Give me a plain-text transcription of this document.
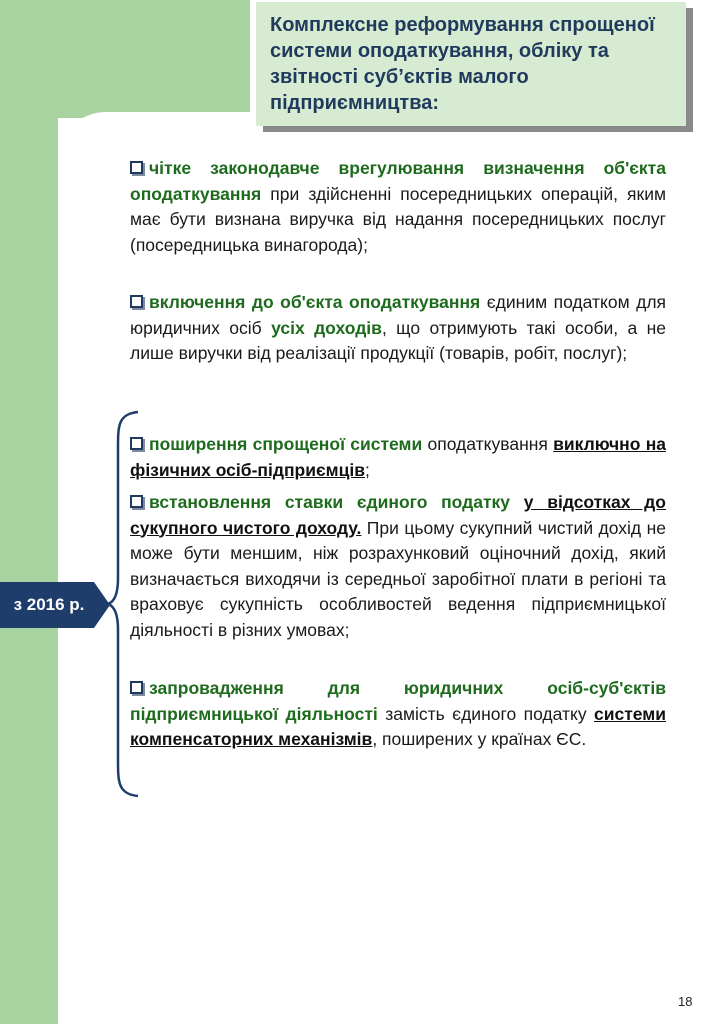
Комплексне реформування спрощеної системи оподаткування, обліку та звітності суб’єктів малого підприємництва:

чітке законодавче врегулювання визначення об'єкта оподаткування при здійсненні посередницьких операцій, яким має бути визнана виручка від надання посередницьких послуг (посередницька винагорода);

включення до об'єкта оподаткування єдиним податком для юридичних осіб усіх доходів, що отримують такі особи, а не лише виручки від реалізації продукції (товарів, робіт, послуг);

поширення спрощеної системи оподаткування виключно на фізичних осіб-підприємців;

встановлення ставки єдиного податку у відсотках до сукупного чистого доходу. При цьому сукупний чистий дохід не може бути меншим, ніж розрахунковий оціночний дохід, який визначається виходячи із середньої заробітної плати в регіоні та враховує сукупність особливостей ведення підприємницької діяльності в різних умовах;

запровадження для юридичних осіб-суб'єктів підприємницької діяльності замість єдиного податку системи компенсаторних механізмів, поширених у країнах ЄС.

з 2016 р.
18
